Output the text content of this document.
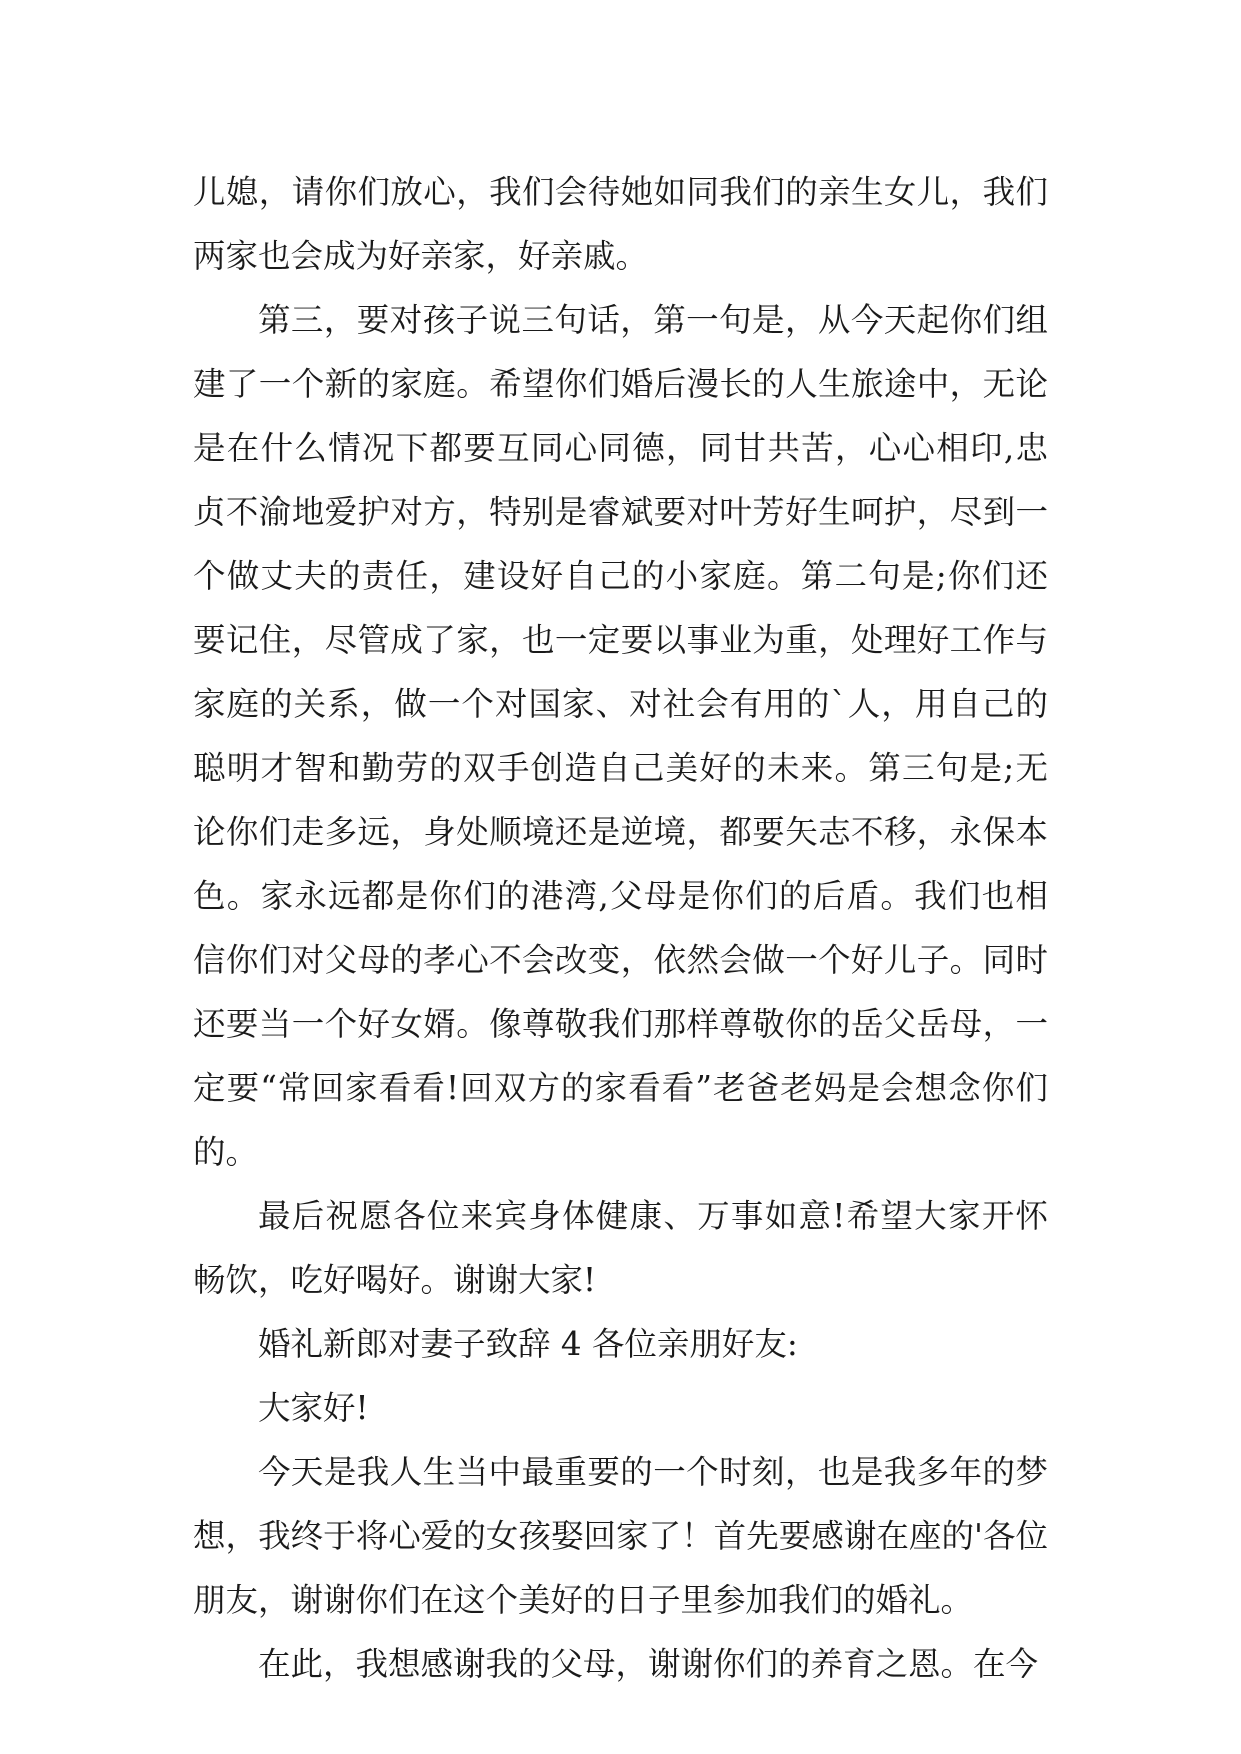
儿媳，请你们放心，我们会待她如同我们的亲生女儿，我们两家也会成为好亲家，好亲戚。

第三，要对孩子说三句话，第一句是，从今天起你们组建了一个新的家庭。希望你们婚后漫长的人生旅途中，无论是在什么情况下都要互同心同德，同甘共苦，心心相印,忠贞不渝地爱护对方，特别是睿斌要对叶芳好生呵护，尽到一个做丈夫的责任，建设好自己的小家庭。第二句是;你们还要记住，尽管成了家，也一定要以事业为重，处理好工作与家庭的关系，做一个对国家、对社会有用的`人，用自己的聪明才智和勤劳的双手创造自己美好的未来。第三句是;无论你们走多远，身处顺境还是逆境，都要矢志不移，永保本色。家永远都是你们的港湾,父母是你们的后盾。我们也相信你们对父母的孝心不会改变，依然会做一个好儿子。同时还要当一个好女婿。像尊敬我们那样尊敬你的岳父岳母，一定要“常回家看看!回双方的家看看”老爸老妈是会想念你们的。

最后祝愿各位来宾身体健康、万事如意!希望大家开怀畅饮，吃好喝好。谢谢大家!

婚礼新郎对妻子致辞 4 各位亲朋好友:

大家好!

今天是我人生当中最重要的一个时刻，也是我多年的梦想，我终于将心爱的女孩娶回家了！首先要感谢在座的'各位朋友，谢谢你们在这个美好的日子里参加我们的婚礼。

在此，我想感谢我的父母，谢谢你们的养育之恩。在今
